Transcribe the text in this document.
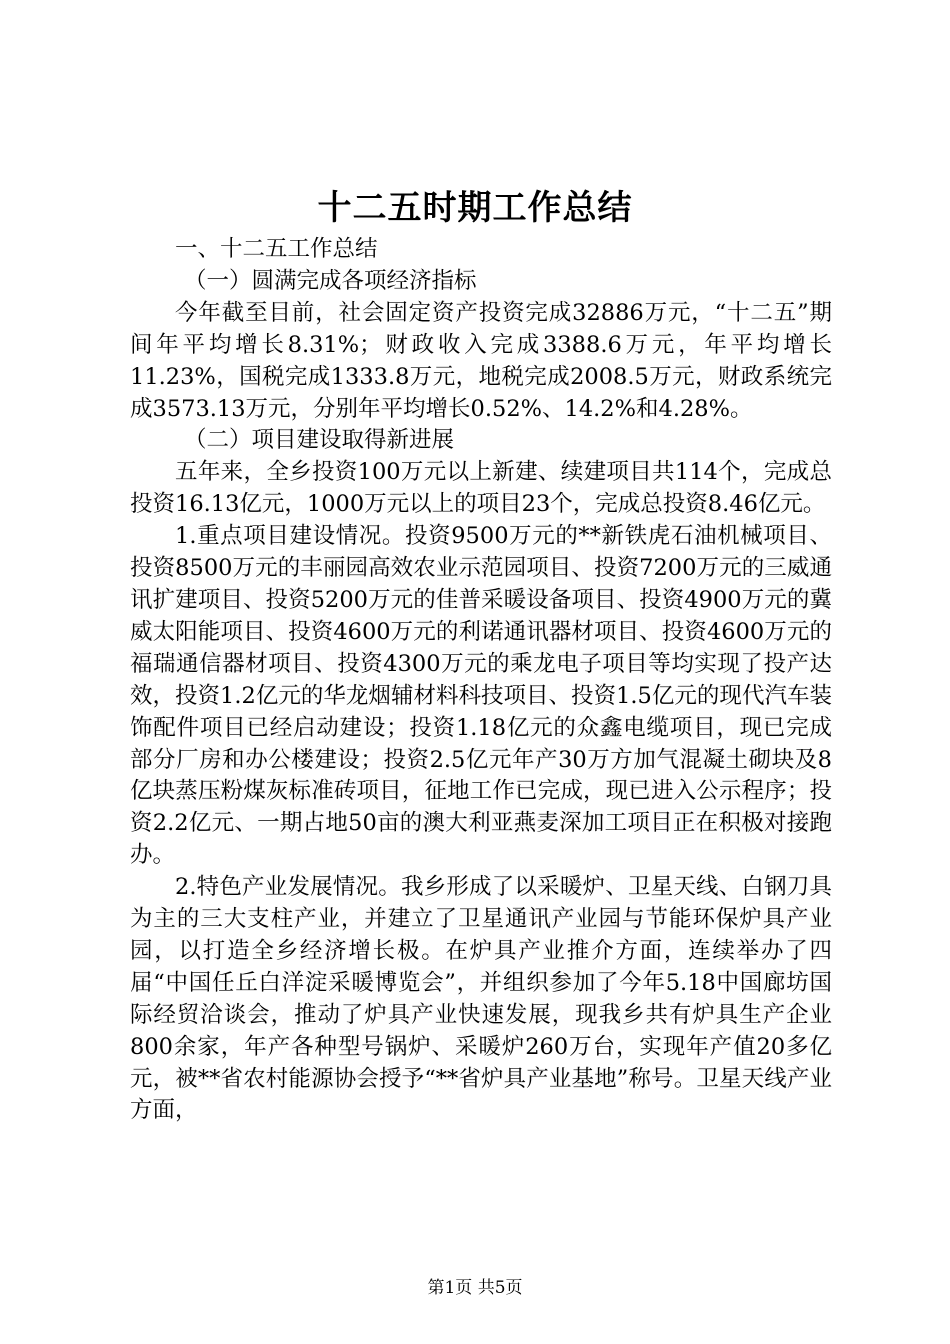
十二五时期工作总结

一、十二五工作总结

（一）圆满完成各项经济指标

今年截至目前，社会固定资产投资完成32886万元，“十二五”期间年平均增长8.31%；财政收入完成3388.6万元，年平均增长11.23%，国税完成1333.8万元，地税完成2008.5万元，财政系统完成3573.13万元，分别年平均增长0.52%、14.2%和4.28%。

（二）项目建设取得新进展

五年来，全乡投资100万元以上新建、续建项目共114个，完成总投资16.13亿元，1000万元以上的项目23个，完成总投资8.46亿元。

1.重点项目建设情况。投资9500万元的**新铁虎石油机械项目、投资8500万元的丰丽园高效农业示范园项目、投资7200万元的三威通讯扩建项目、投资5200万元的佳普采暖设备项目、投资4900万元的冀威太阳能项目、投资4600万元的利诺通讯器材项目、投资4600万元的福瑞通信器材项目、投资4300万元的乘龙电子项目等均实现了投产达效，投资1.2亿元的华龙烟辅材料科技项目、投资1.5亿元的现代汽车装饰配件项目已经启动建设；投资1.18亿元的众鑫电缆项目，现已完成部分厂房和办公楼建设；投资2.5亿元年产30万方加气混凝土砌块及8亿块蒸压粉煤灰标准砖项目，征地工作已完成，现已进入公示程序；投资2.2亿元、一期占地50亩的澳大利亚燕麦深加工项目正在积极对接跑办。

2.特色产业发展情况。我乡形成了以采暖炉、卫星天线、白钢刀具为主的三大支柱产业，并建立了卫星通讯产业园与节能环保炉具产业园，以打造全乡经济增长极。在炉具产业推介方面，连续举办了四届“中国任丘白洋淀采暖博览会”，并组织参加了今年5.18中国廊坊国际经贸洽谈会，推动了炉具产业快速发展，现我乡共有炉具生产企业800余家，年产各种型号锅炉、采暖炉260万台，实现年产值20多亿元，被**省农村能源协会授予“**省炉具产业基地”称号。卫星天线产业方面，

第1页 共5页
